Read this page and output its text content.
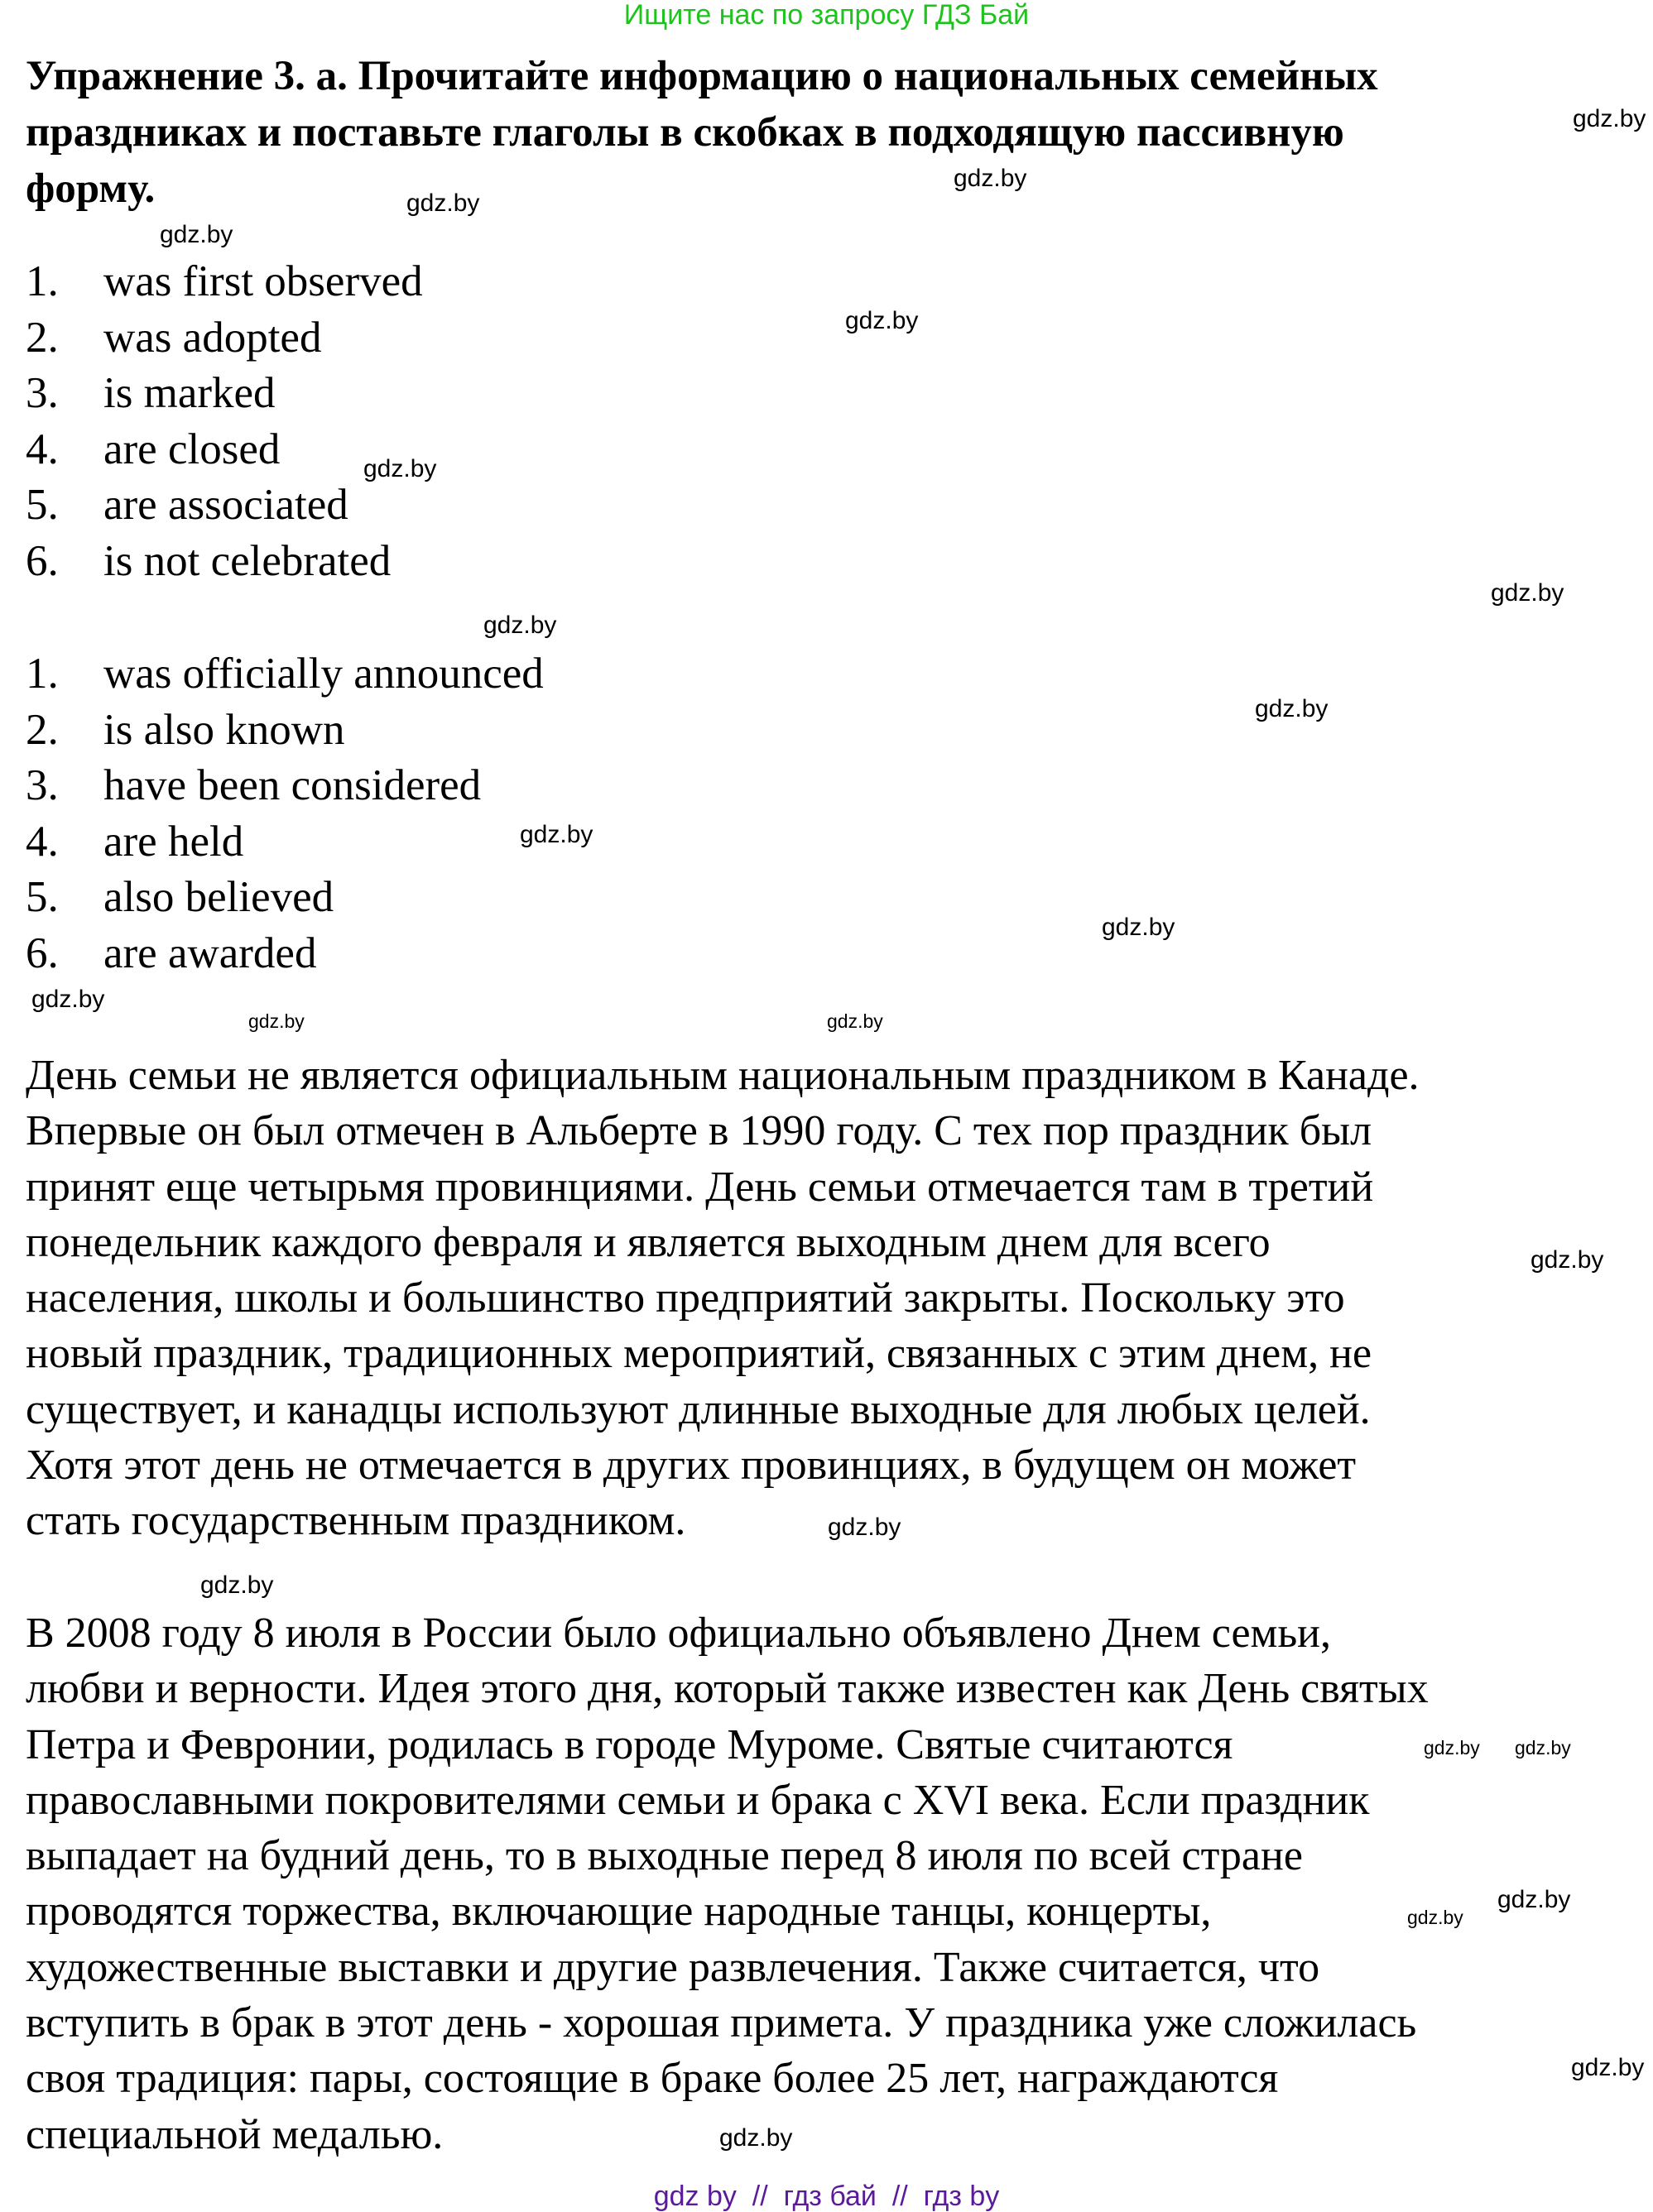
Ищите нас по запросу ГДЗ Бай
Упражнение 3. а. Прочитайте информацию о национальных семейных
праздниках и поставьте глаголы в скобках в подходящую пассивную
форму.
1.	was first observed
2.	was adopted
3.	is marked
4.	are closed
5.	are associated
6.	is not celebrated
1.	was officially announced
2.	is also known
3.	have been considered
4.	are held
5.	also believed
6.	are awarded
День семьи не является официальным национальным праздником в Канаде.
Впервые он был отмечен в Альберте в 1990 году. С тех пор праздник был
принят еще четырьмя провинциями. День семьи отмечается там в третий
понедельник каждого февраля и является выходным днем для всего
населения, школы и большинство предприятий закрыты. Поскольку это
новый праздник, традиционных мероприятий, связанных с этим днем, не
существует, и канадцы используют длинные выходные для любых целей.
Хотя этот день не отмечается в других провинциях, в будущем он может
стать государственным праздником.
В 2008 году 8 июля в России было официально объявлено Днем семьи,
любви и верности. Идея этого дня, который также известен как День святых
Петра и Февронии, родилась в городе Муроме. Святые считаются
православными покровителями семьи и брака с XVI века. Если праздник
выпадает на будний день, то в выходные перед 8 июля по всей стране
проводятся торжества, включающие народные танцы, концерты,
художественные выставки и другие развлечения. Также считается, что
вступить в брак в этот день - хорошая примета. У праздника уже сложилась
своя традиция: пары, состоящие в браке более 25 лет, награждаются
специальной медалью.
gdz.by
gdz.by
gdz.by
gdz.by
gdz.by
gdz.by
gdz.by
gdz.by
gdz.by
gdz.by
gdz.by
gdz.by
gdz.by
gdz.by
gdz.by
gdz.by
gdz.by
gdz.by gdz.by
gdz.by
gdz.by
gdz.by
gdz.by
gdz by  //  гдз бай  //  гдз by
